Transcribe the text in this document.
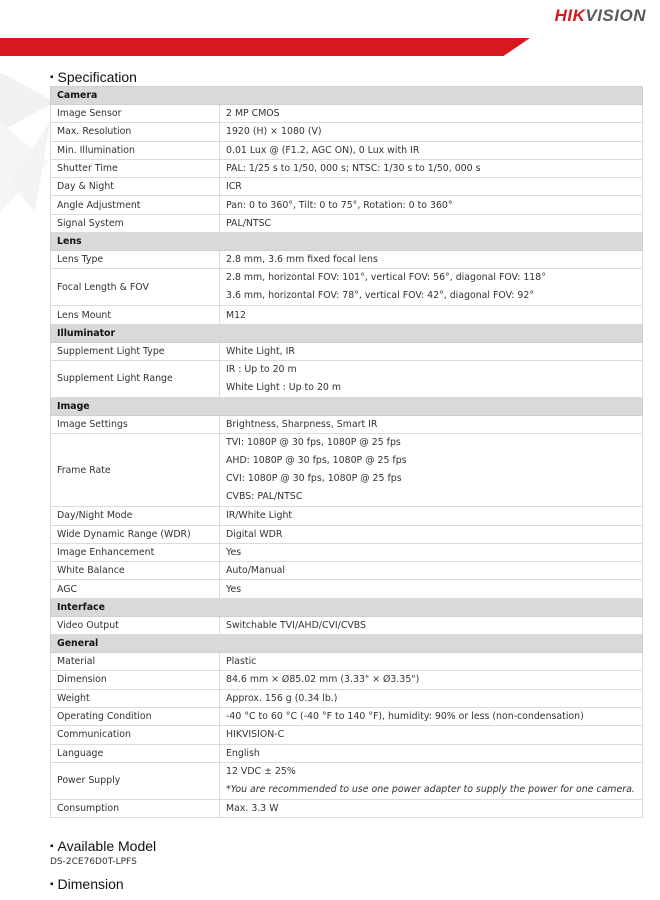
HIKVISION
▪ Specification
Camera	
Image Sensor	2 MP CMOS
Max. Resolution	1920 (H) × 1080 (V)
Min. Illumination	0.01 Lux @ (F1.2, AGC ON), 0 Lux with IR
Shutter Time	PAL: 1/25 s to 1/50, 000 s; NTSC: 1/30 s to 1/50, 000 s
Day & Night	ICR
Angle Adjustment	Pan: 0 to 360°, Tilt: 0 to 75°, Rotation: 0 to 360°
Signal System	PAL/NTSC
Lens	
Lens Type	2.8 mm, 3.6 mm fixed focal lens
Focal Length & FOV	2.8 mm, horizontal FOV: 101°, vertical FOV: 56°, diagonal FOV: 118°
3.6 mm, horizontal FOV: 78°, vertical FOV: 42°, diagonal FOV: 92°

Lens Mount	M12
Illuminator	
Supplement Light Type	White Light, IR
Supplement Light Range	IR : Up to 20 m
White Light : Up to 20 m

Image	
Image Settings	Brightness, Sharpness, Smart IR
Frame Rate	TVI: 1080P @ 30 fps, 1080P @ 25 fps
AHD: 1080P @ 30 fps, 1080P @ 25 fps
CVI: 1080P @ 30 fps, 1080P @ 25 fps
CVBS: PAL/NTSC

Day/Night Mode	IR/White Light
Wide Dynamic Range (WDR)	Digital WDR
Image Enhancement	Yes
White Balance	Auto/Manual
AGC	Yes
Interface	
Video Output	Switchable TVI/AHD/CVI/CVBS
General	
Material	Plastic
Dimension	84.6 mm × Ø85.02 mm (3.33" × Ø3.35")
Weight	Approx. 156 g (0.34 lb.)
Operating Condition	-40 °C to 60 °C (-40 °F to 140 °F), humidity: 90% or less (non-condensation)
Communication	HIKVISION-C
Language	English
Power Supply	12 VDC ± 25%
*You are recommended to use one power adapter to supply the power for one camera.

Consumption	Max. 3.3 W
▪ Available Model
DS-2CE76D0T-LPFS
▪ Dimension
